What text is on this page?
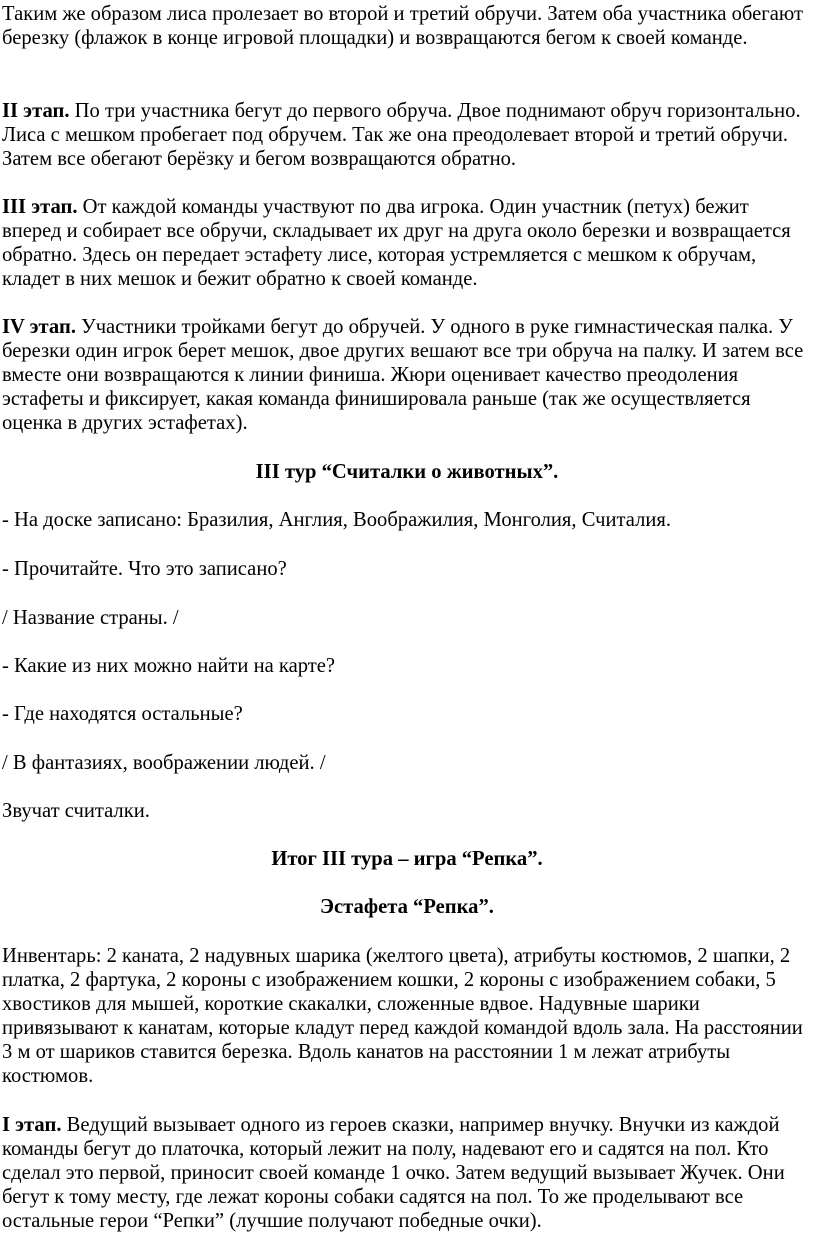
Таким же образом лиса пролезает во второй и третий обручи. Затем оба участника обегают березку (флажок в конце игровой площадки) и возвращаются бегом к своей команде.

II этап. По три участника бегут до первого обруча. Двое поднимают обруч горизонтально. Лиса с мешком пробегает под обручем. Так же она преодолевает второй и третий обручи. Затем все обегают берёзку и бегом возвращаются обратно.

III этап. От каждой команды участвуют по два игрока. Один участник (петух) бежит вперед и собирает все обручи, складывает их друг на друга около березки и возвращается обратно. Здесь он передает эстафету лисе, которая устремляется с мешком к обручам, кладет в них мешок и бежит обратно к своей команде.

IV этап. Участники тройками бегут до обручей. У одного в руке гимнастическая палка. У березки один игрок берет мешок, двое других вешают все три обруча на палку. И затем все вместе они возвращаются к линии финиша. Жюри оценивает качество преодоления эстафеты и фиксирует, какая команда финишировала раньше (так же осуществляется оценка в других эстафетах).

III тур “Считалки о животных”.

- На доске записано: Бразилия, Англия, Воображилия, Монголия, Считалия.

- Прочитайте. Что это записано?

/ Название страны. /

- Какие из них можно найти на карте?

- Где находятся остальные?

/ В фантазиях, воображении людей. /

Звучат считалки.

Итог III тура – игра “Репка”.

Эстафета “Репка”.

Инвентарь: 2 каната, 2 надувных шарика (желтого цвета), атрибуты костюмов, 2 шапки, 2 платка, 2 фартука, 2 короны с изображением кошки, 2 короны с изображением собаки, 5 хвостиков для мышей, короткие скакалки, сложенные вдвое. Надувные шарики привязывают к канатам, которые кладут перед каждой командой вдоль зала. На расстоянии 3 м от шариков ставится березка. Вдоль канатов на расстоянии 1 м лежат атрибуты костюмов.

I этап. Ведущий вызывает одного из героев сказки, например внучку. Внучки из каждой команды бегут до платочка, который лежит на полу, надевают его и садятся на пол. Кто сделал это первой, приносит своей команде 1 очко. Затем ведущий вызывает Жучек. Они бегут к тому месту, где лежат короны собаки садятся на пол. То же проделывают все остальные герои “Репки” (лучшие получают победные очки).
